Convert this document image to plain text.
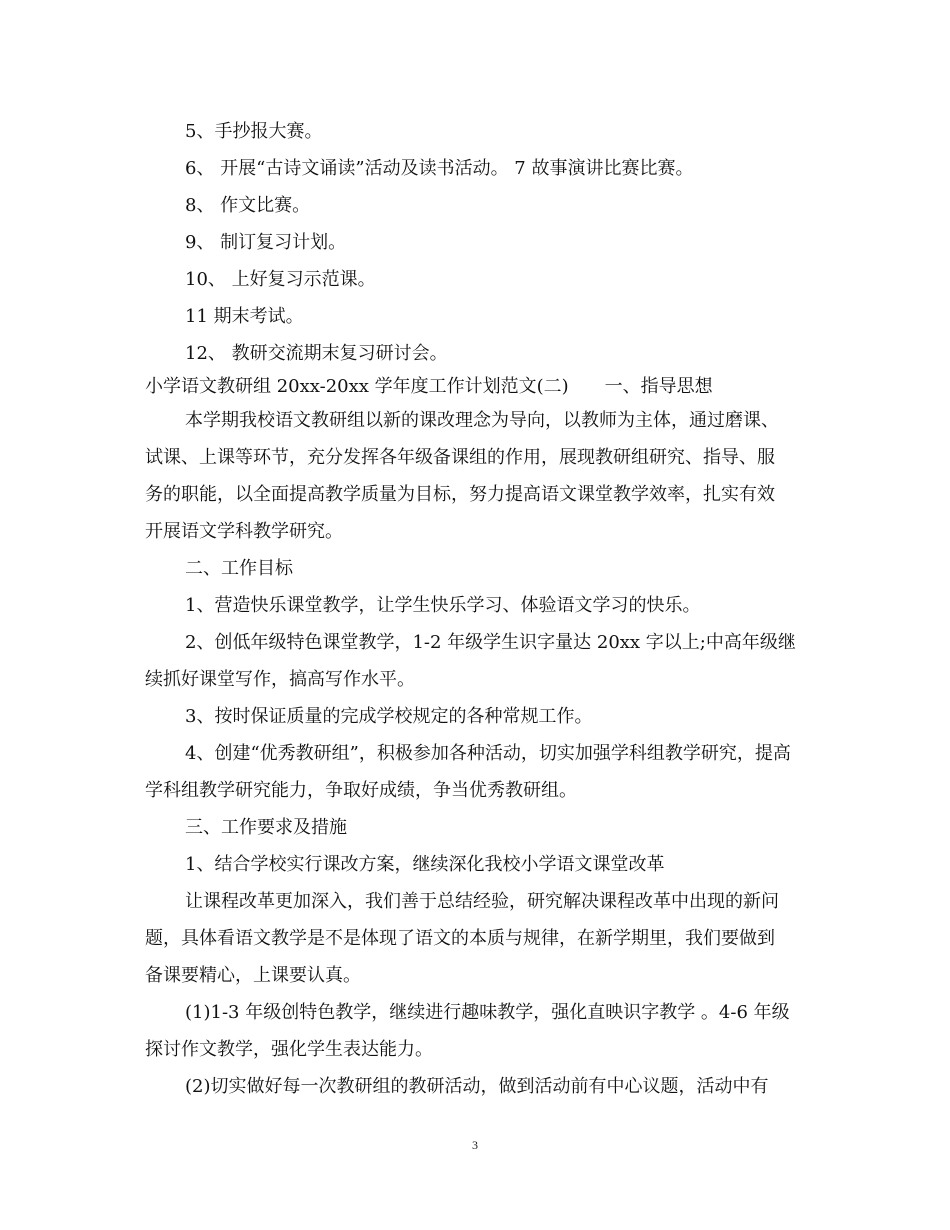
5、手抄报大赛。
6、 开展“古诗文诵读”活动及读书活动。 7 故事演讲比赛比赛。
8、 作文比赛。
9、 制订复习计划。
10、 上好复习示范课。
11 期末考试。
12、 教研交流期末复习研讨会。
小学语文教研组 20xx-20xx 学年度工作计划范文(二)　　一、指导思想
本学期我校语文教研组以新的课改理念为导向，以教师为主体，通过磨课、
试课、上课等环节，充分发挥各年级备课组的作用，展现教研组研究、指导、服
务的职能，以全面提高教学质量为目标，努力提高语文课堂教学效率，扎实有效
开展语文学科教学研究。
二、工作目标
1、营造快乐课堂教学，让学生快乐学习、体验语文学习的快乐。
2、创低年级特色课堂教学，1-2 年级学生识字量达 20xx 字以上;中高年级继
续抓好课堂写作，搞高写作水平。
3、按时保证质量的完成学校规定的各种常规工作。
4、创建“优秀教研组”，积极参加各种活动，切实加强学科组教学研究，提高
学科组教学研究能力，争取好成绩，争当优秀教研组。
三、工作要求及措施
1、结合学校实行课改方案，继续深化我校小学语文课堂改革
让课程改革更加深入，我们善于总结经验，研究解决课程改革中出现的新问
题，具体看语文教学是不是体现了语文的本质与规律，在新学期里，我们要做到
备课要精心，上课要认真。
(1)1-3 年级创特色教学，继续进行趣味教学，强化直映识字教学 。4-6 年级
探讨作文教学，强化学生表达能力。
(2)切实做好每一次教研组的教研活动，做到活动前有中心议题，活动中有
3
